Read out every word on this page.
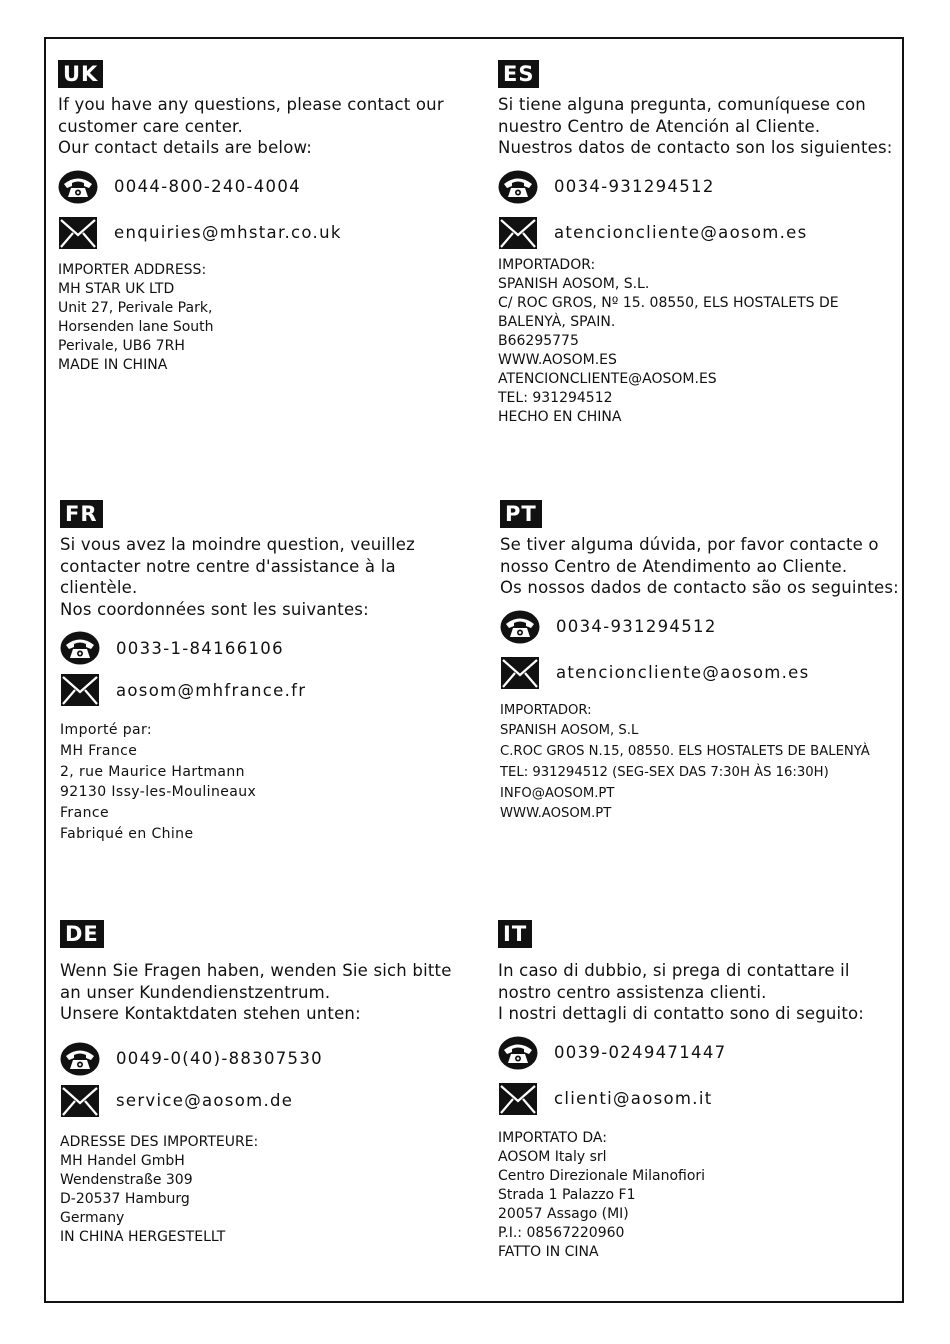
UK
If you have any questions, please contact our
customer care center.
Our contact details are below:
0044-800-240-4004
enquiries@mhstar.co.uk
IMPORTER ADDRESS:
MH STAR UK LTD
Unit 27, Perivale Park,
Horsenden lane South
Perivale, UB6 7RH
MADE IN CHINA
ES
Si tiene alguna pregunta, comuníquese con
nuestro Centro de Atención al Cliente.
Nuestros datos de contacto son los siguientes:
0034-931294512
atencioncliente@aosom.es
IMPORTADOR:
SPANISH AOSOM, S.L.
C/ ROC GROS, Nº 15. 08550, ELS HOSTALETS DE
BALENYÀ, SPAIN.
B66295775
WWW.AOSOM.ES
ATENCIONCLIENTE@AOSOM.ES
TEL: 931294512
HECHO EN CHINA
FR
Si vous avez la moindre question, veuillez
contacter notre centre d'assistance à la
clientèle.
Nos coordonnées sont les suivantes:
0033-1-84166106
aosom@mhfrance.fr
Importé par:
MH France
2, rue Maurice Hartmann
92130 Issy-les-Moulineaux
France
Fabriqué en Chine
PT
Se tiver alguma dúvida, por favor contacte o
nosso Centro de Atendimento ao Cliente.
Os nossos dados de contacto são os seguintes:
0034-931294512
atencioncliente@aosom.es
IMPORTADOR:
SPANISH AOSOM, S.L
C.ROC GROS N.15, 08550. ELS HOSTALETS DE BALENYÀ
TEL: 931294512 (SEG-SEX DAS 7:30H ÀS 16:30H)
INFO@AOSOM.PT
WWW.AOSOM.PT
DE
Wenn Sie Fragen haben, wenden Sie sich bitte
an unser Kundendienstzentrum.
Unsere Kontaktdaten stehen unten:
0049-0(40)-88307530
service@aosom.de
ADRESSE DES IMPORTEURE:
MH Handel GmbH
Wendenstraße 309
D-20537 Hamburg
Germany
IN CHINA HERGESTELLT
IT
In caso di dubbio, si prega di contattare il
nostro centro assistenza clienti.
I nostri dettagli di contatto sono di seguito:
0039-0249471447
clienti@aosom.it
IMPORTATO DA:
AOSOM Italy srl
Centro Direzionale Milanofiori
Strada 1 Palazzo F1
20057 Assago (MI)
P.I.: 08567220960
FATTO IN CINA
